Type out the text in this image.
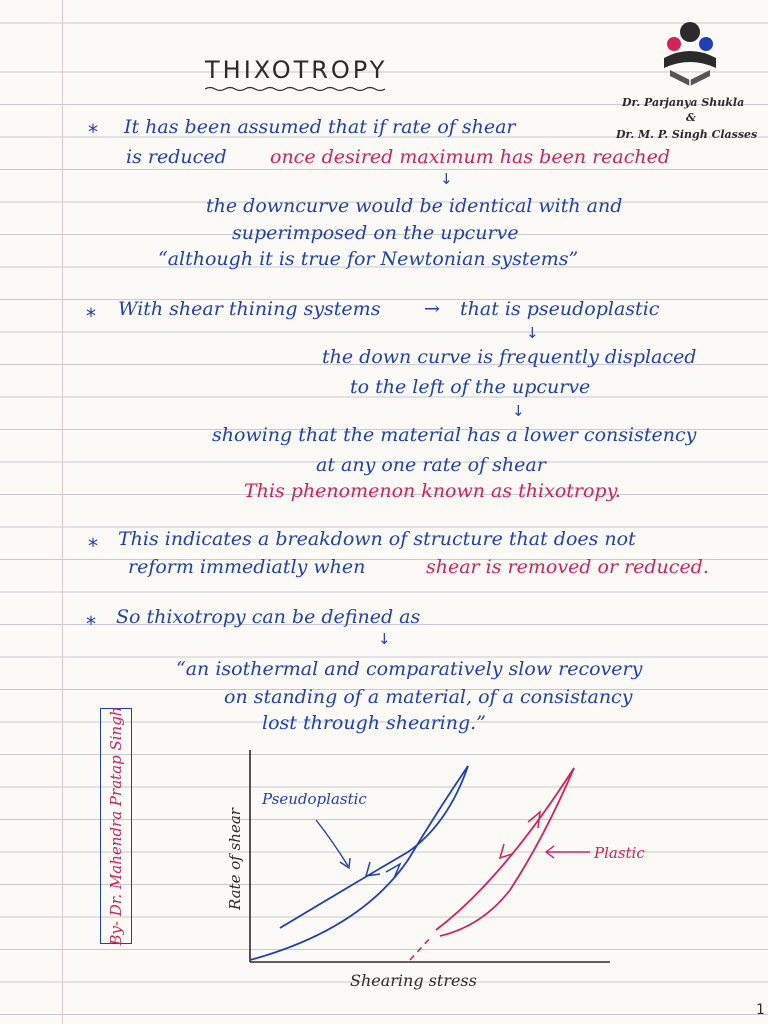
Dr. Parjanya Shukla
&
Dr. M. P. Singh Classes
THIXOTROPY
* It has been assumed that if rate of shear
is reduced once desired maximum has been reached
↓
the downcurve would be identical with and
superimposed on the upcurve
“although it is true for Newtonian systems”
* With shear thining systems → that is pseudoplastic
↓
the down curve is frequently displaced
to the left of the upcurve
↓
showing that the material has a lower consistency
at any one rate of shear
This phenomenon known as thixotropy.
* This indicates a breakdown of structure that does not
reform immediatly when	shear is removed or reduced.
* So thixotropy can be defined as
↓
“an isothermal and comparatively slow recovery
on standing of a material, of a consistancy
lost through shearing.”
By- Dr. Mahendra Pratap Singh	Pseudoplastic
Plastic
Rate of shear
Shearing stress
1
